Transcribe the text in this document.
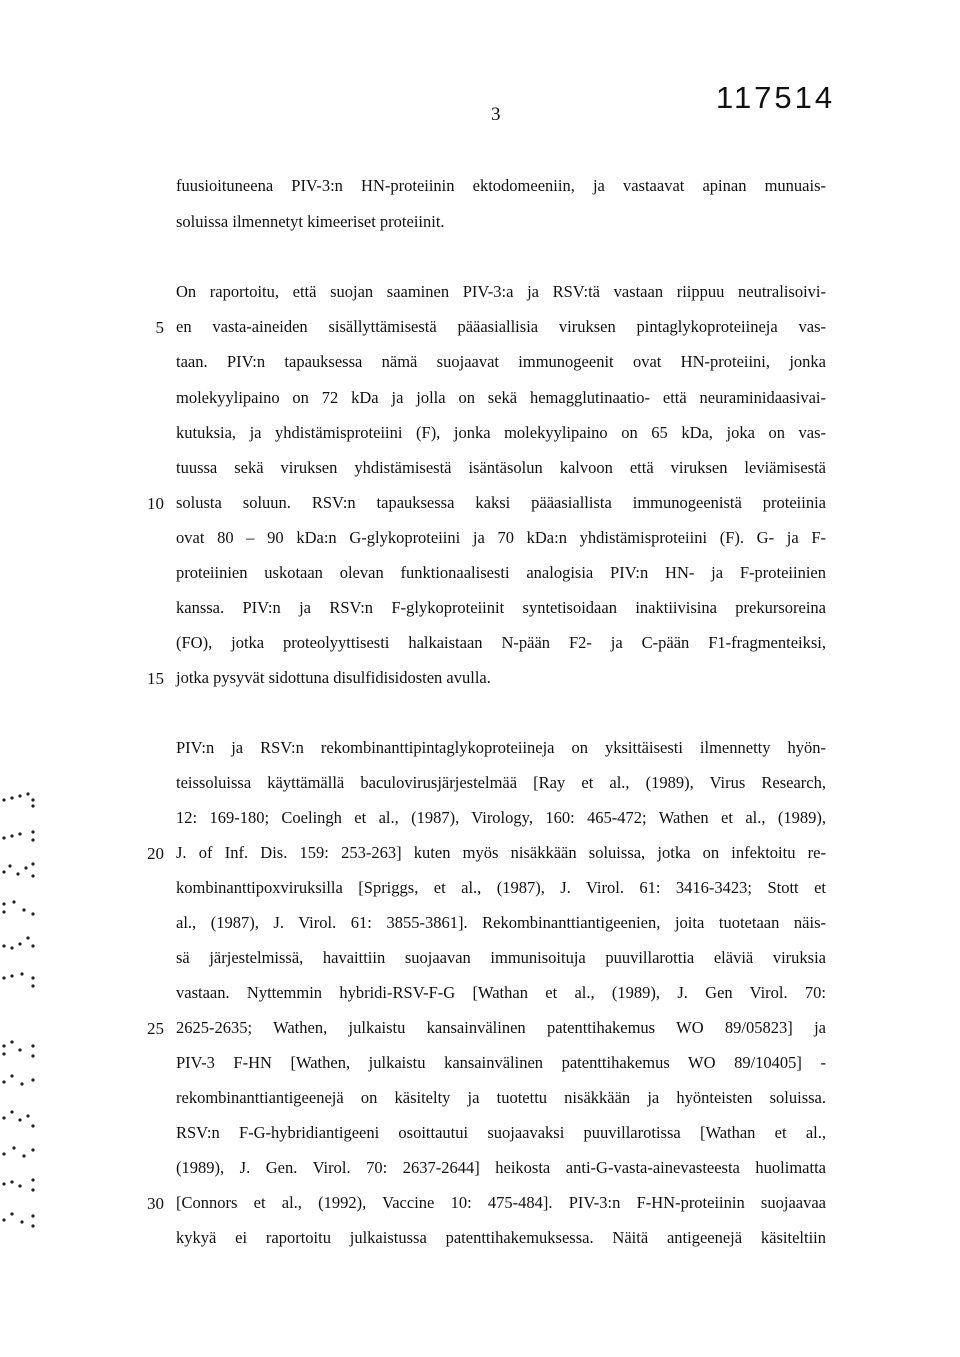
117514
3
fuusioituneena PIV-3:n HN-proteiinin ektodomeeniin, ja vastaavat apinan munuais-
soluissa ilmennetyt kimeeriset proteiinit.
On raportoitu, että suojan saaminen PIV-3:a ja RSV:tä vastaan riippuu neutralisoivi-
en vasta-aineiden sisällyttämisestä pääasiallisia viruksen pintaglykoproteiineja vas-
taan. PIV:n tapauksessa nämä suojaavat immunogeenit ovat HN-proteiini, jonka
molekyylipaino on 72 kDa ja jolla on sekä hemagglutinaatio- että neuraminidaasivai-
kutuksia, ja yhdistämisproteiini (F), jonka molekyylipaino on 65 kDa, joka on vas-
tuussa sekä viruksen yhdistämisestä isäntäsolun kalvoon että viruksen leviämisestä
solusta soluun. RSV:n tapauksessa kaksi pääasiallista immunogeenistä proteiinia
ovat 80 – 90 kDa:n G-glykoproteiini ja 70 kDa:n yhdistämisproteiini (F). G- ja F-
proteiinien uskotaan olevan funktionaalisesti analogisia PIV:n HN- ja F-proteiinien
kanssa. PIV:n ja RSV:n F-glykoproteiinit syntetisoidaan inaktiivisina prekursoreina
(FO), jotka proteolyyttisesti halkaistaan N-pään F2- ja C-pään F1-fragmenteiksi,
jotka pysyvät sidottuna disulfidisidosten avulla.
PIV:n ja RSV:n rekombinanttipintaglykoproteiineja on yksittäisesti ilmennetty hyön-
teissoluissa käyttämällä baculovirusjärjestelmää [Ray et al., (1989), Virus Research,
12: 169-180; Coelingh et al., (1987), Virology, 160: 465-472; Wathen et al., (1989),
J. of Inf. Dis. 159: 253-263] kuten myös nisäkkään soluissa, jotka on infektoitu re-
kombinanttipoxviruksilla [Spriggs, et al., (1987), J. Virol. 61: 3416-3423; Stott et
al., (1987), J. Virol. 61: 3855-3861]. Rekombinanttiantigeenien, joita tuotetaan näis-
sä järjestelmissä, havaittiin suojaavan immunisoituja puuvillarottia eläviä viruksia
vastaan. Nyttemmin hybridi-RSV-F-G [Wathan et al., (1989), J. Gen Virol. 70:
2625-2635; Wathen, julkaistu kansainvälinen patenttihakemus WO 89/05823] ja
PIV-3 F-HN [Wathen, julkaistu kansainvälinen patenttihakemus WO 89/10405] -
rekombinanttiantigeenejä on käsitelty ja tuotettu nisäkkään ja hyönteisten soluissa.
RSV:n F-G-hybridiantigeeni osoittautui suojaavaksi puuvillarotissa [Wathan et al.,
(1989), J. Gen. Virol. 70: 2637-2644] heikosta anti-G-vasta-ainevasteesta huolimatta
[Connors et al., (1992), Vaccine 10: 475-484]. PIV-3:n F-HN-proteiinin suojaavaa
kykyä ei raportoitu julkaistussa patenttihakemuksessa. Näitä antigeenejä käsiteltiin
5
10
15
20
25
30
